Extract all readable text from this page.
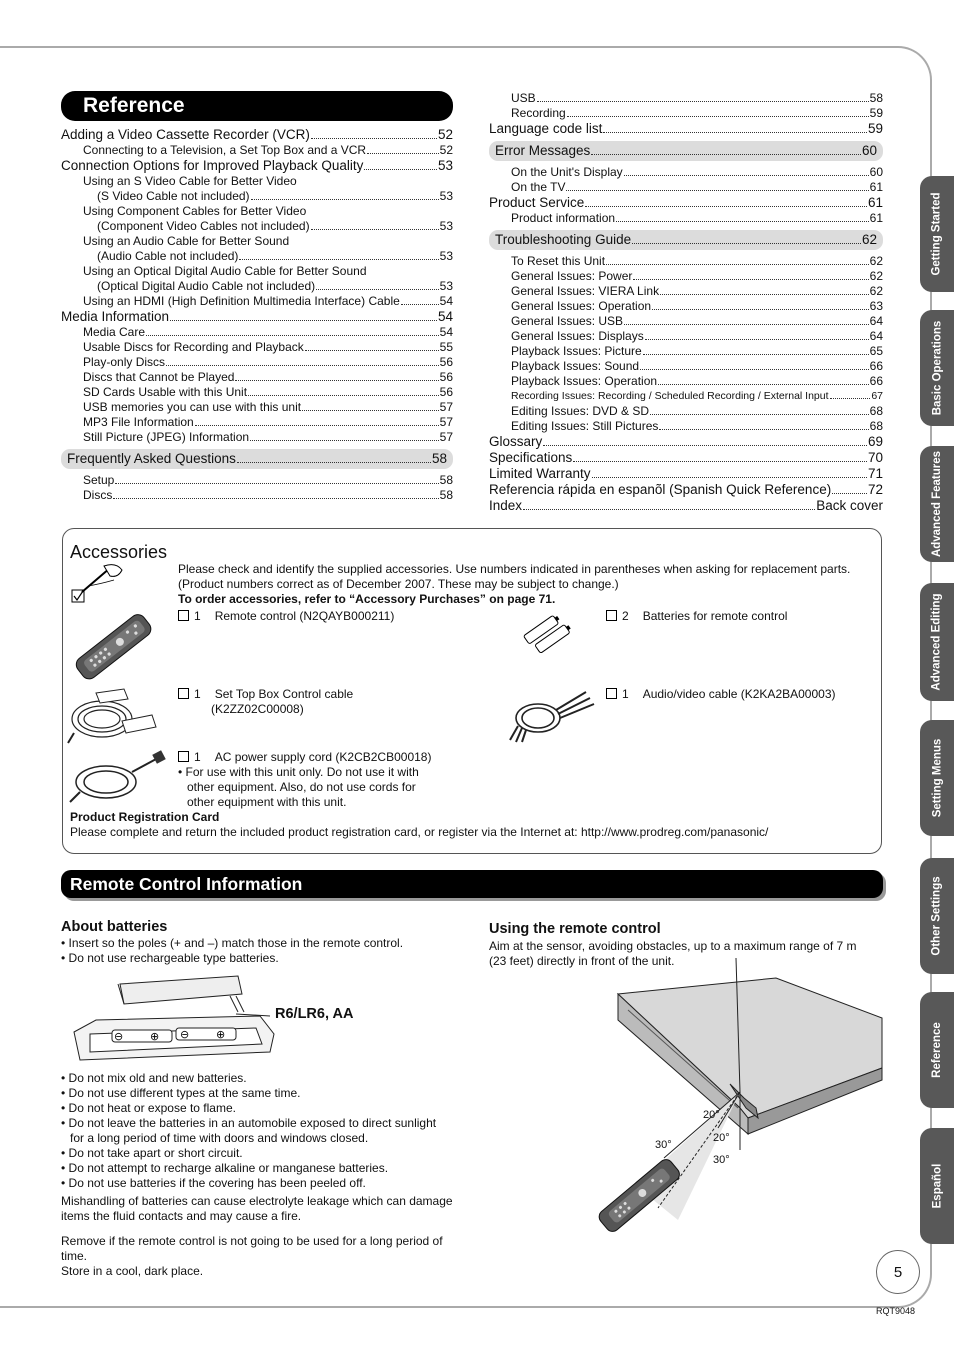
Reference
Adding a Video Cassette Recorder (VCR)	52
Connecting to a Television, a Set Top Box and a VCR	52
Connection Options for Improved Playback Quality	53
Using an S Video Cable for Better Video
(S Video Cable not included)	53
Using Component Cables for Better Video
(Component Video Cables not included)	53
Using an Audio Cable for Better Sound
(Audio Cable not included)	53
Using an Optical Digital Audio Cable for Better Sound
(Optical Digital Audio Cable not included)	53
Using an HDMI (High Definition Multimedia Interface) Cable	54
Media Information	54
Media Care	54
Usable Discs for Recording and Playback	55
Play-only Discs	56
Discs that Cannot be Played	56
SD Cards Usable with this Unit	56
USB memories you can use with this unit	57
MP3 File Information	57
Still Picture (JPEG) Information	57
Frequently Asked Questions	58
Setup	58
Discs	58
USB	58
Recording	59
Language code list	59
Error Messages	60
On the Unit's Display	60
On the TV	61
Product Service	61
Product information	61
Troubleshooting Guide	62
To Reset this Unit	62
General Issues: Power	62
General Issues: VIERA Link	62
General Issues: Operation	63
General Issues: USB	64
General Issues: Displays	64
Playback Issues: Picture	65
Playback Issues: Sound	66
Playback Issues: Operation	66
Recording Issues: Recording / Scheduled Recording / External Input	67
Editing Issues: DVD & SD	68
Editing Issues: Still Pictures	68
Glossary	69
Specifications	70
Limited Warranty	71
Referencia rápida en espanõl (Spanish Quick Reference)	72
Index	Back cover
Getting Started
Basic Operations
Advanced Features
Advanced Editing
Setting Menus
Other Settings
Reference
Español
Accessories
Please check and identify the supplied accessories. Use numbers indicated in parentheses when asking for replacement parts.
(Product numbers correct as of December 2007. These may be subject to change.)
To order accessories, refer to “Accessory Purchases” on page 71.
1 Remote control (N2QAYB000211)	2 Batteries for remote control
1 Set Top Box Control cable
(K2ZZ02C00008)
1 Audio/video cable (K2KA2BA00003)
1 AC power supply cord (K2CB2CB00018)
• For use with this unit only. Do not use it with
other equipment. Also, do not use cords for
other equipment with this unit.
Product Registration Card
Please complete and return the included product registration card, or register via the Internet at: http://www.prodreg.com/panasonic/
Remote Control Information
About batteries
• Insert so the poles (+ and –) match those in the remote control.
• Do not use rechargeable type batteries.
⊖ ⊕ ⊖ ⊕
R6/LR6, AA
• Do not mix old and new batteries.
• Do not use different types at the same time.
• Do not heat or expose to flame.
• Do not leave the batteries in an automobile exposed to direct sunlight for a long period of time with doors and windows closed.
• Do not take apart or short circuit.
• Do not attempt to recharge alkaline or manganese batteries.
• Do not use batteries if the covering has been peeled off.
Mishandling of batteries can cause electrolyte leakage which can damage items the fluid contacts and may cause a fire.
Remove if the remote control is not going to be used for a long period of time.
Store in a cool, dark place.
Using the remote control
Aim at the sensor, avoiding obstacles, up to a maximum range of 7 m (23 feet) directly in front of the unit.
20°
20°
30°
30°
5
RQT9048
